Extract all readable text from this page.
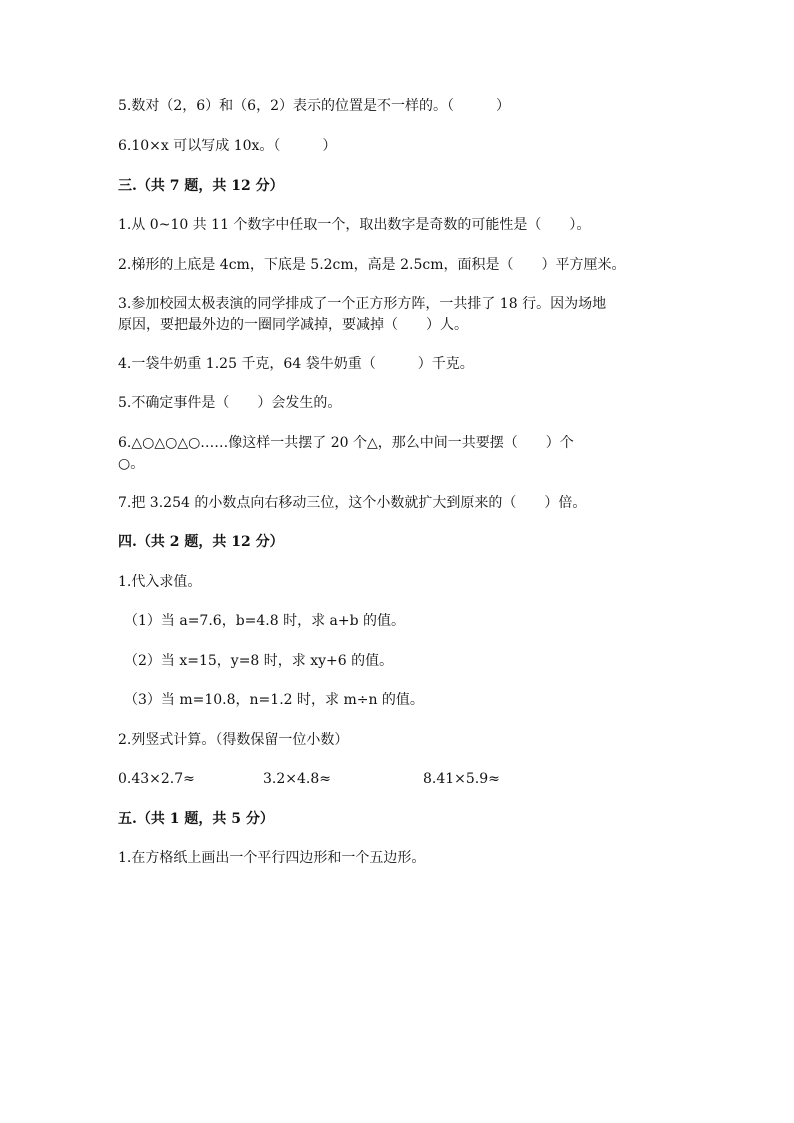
5.数对（2，6）和（6，2）表示的位置是不一样的。（　　　）
6.10×x 可以写成 10x。（　　　）
三.（共 7 题，共 12 分）
1.从 0~10 共 11 个数字中任取一个，取出数字是奇数的可能性是（　　）。
2.梯形的上底是 4cm，下底是 5.2cm，高是 2.5cm，面积是（　　）平方厘米。
3.参加校园太极表演的同学排成了一个正方形方阵，一共排了 18 行。因为场地
原因，要把最外边的一圈同学减掉，要减掉（　　）人。
4.一袋牛奶重 1.25 千克，64 袋牛奶重（　　　）千克。
5.不确定事件是（　　）会发生的。
6.△○△○△○……像这样一共摆了 20 个△，那么中间一共要摆（　　）个
○。
7.把 3.254 的小数点向右移动三位，这个小数就扩大到原来的（　　）倍。
四.（共 2 题，共 12 分）
1.代入求值。
（1）当 a=7.6，b=4.8 时，求 a+b 的值。
（2）当 x=15，y=8 时，求 xy+6 的值。
（3）当 m=10.8，n=1.2 时，求 m÷n 的值。
2.列竖式计算。（得数保留一位小数）
0.43×2.7≈	3.2×4.8≈	8.41×5.9≈
五.（共 1 题，共 5 分）
1.在方格纸上画出一个平行四边形和一个五边形。
